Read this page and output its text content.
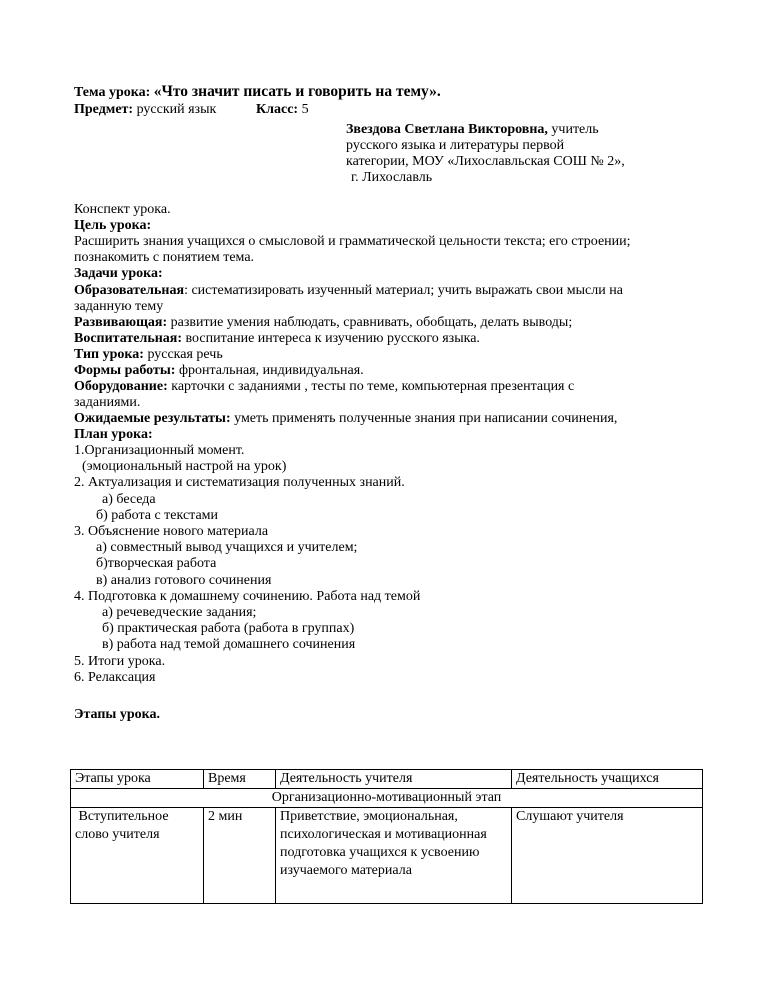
Тема урока: «Что значит писать и говорить на тему».
Предмет: русский язык	Класс: 5
Звездова Светлана Викторовна, учитель
русского языка и литературы первой
категории, МОУ «Лихославльская СОШ № 2»,
г. Лихославль
Конспект урока.
Цель урока:
Расширить знания учащихся о смысловой и грамматической цельности текста; его строении;
познакомить с понятием тема.
Задачи урока:
Образовательная: систематизировать изученный материал; учить выражать свои мысли на
заданную тему
Развивающая: развитие умения наблюдать, сравнивать, обобщать, делать выводы;
Воспитательная: воспитание интереса к изучению русского языка.
Тип урока: русская речь
Формы работы: фронтальная, индивидуальная.
Оборудование: карточки с заданиями , тесты по теме, компьютерная презентация с
заданиями.
Ожидаемые результаты: уметь применять полученные знания при написании сочинения,
План урока:
1.Организационный момент.
(эмоциональный настрой на урок)
2. Актуализация и систематизация полученных знаний.
а) беседа
б) работа с текстами
3. Объяснение нового материала
а) совместный вывод учащихся и учителем;
б)творческая работа
в) анализ готового сочинения
4. Подготовка к домашнему сочинению. Работа над темой
а) речеведческие задания;
б) практическая работа (работа в группах)
в) работа над темой домашнего сочинения
5. Итоги урока.
6. Релаксация
Этапы урока.
Этапы урока	Время	Деятельность учителя	Деятельность учащихся
Организационно-мотивационный этап			
Вступительное слово учителя	2 мин	Приветствие, эмоциональная, психологическая и мотивационная подготовка учащихся к усвоению изучаемого материала	Слушают учителя
